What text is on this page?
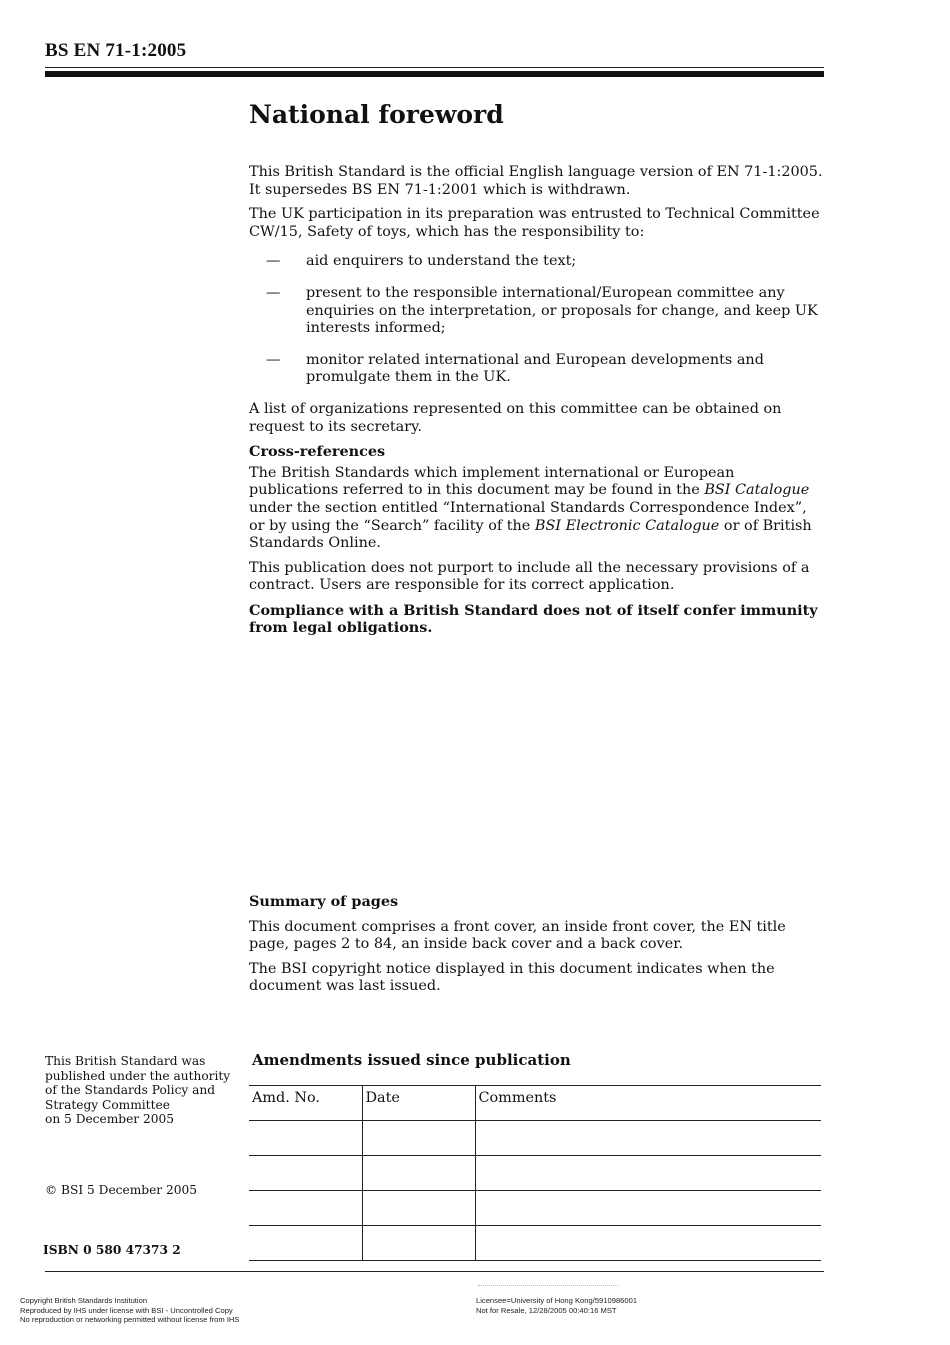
BS EN 71-1:2005
National foreword

This British Standard is the official English language version of EN 71-1:2005. It supersedes BS EN 71-1:2001 which is withdrawn.

The UK participation in its preparation was entrusted to Technical Committee CW/15, Safety of toys, which has the responsibility to:

— aid enquirers to understand the text;
— present to the responsible international/European committee any enquiries on the interpretation, or proposals for change, and keep UK interests informed;
— monitor related international and European developments and promulgate them in the UK.

A list of organizations represented on this committee can be obtained on request to its secretary.

Cross-references

The British Standards which implement international or European publications referred to in this document may be found in the BSI Catalogue under the section entitled “International Standards Correspondence Index”, or by using the “Search” facility of the BSI Electronic Catalogue or of British Standards Online.

This publication does not purport to include all the necessary provisions of a contract. Users are responsible for its correct application.

Compliance with a British Standard does not of itself confer immunity from legal obligations.

Summary of pages

This document comprises a front cover, an inside front cover, the EN title page, pages 2 to 84, an inside back cover and a back cover.

The BSI copyright notice displayed in this document indicates when the document was last issued.

This British Standard was
published under the authority
of the Standards Policy and
Strategy Committee
on 5 December 2005
© BSI 5 December 2005
ISBN 0 580 47373 2
Amendments issued since publication
Amd. No.	Date	Comments

Copyright British Standards Institution
Reproduced by IHS under license with BSI - Uncontrolled Copy
No reproduction or networking permitted without license from IHS
Licensee=University of Hong Kong/5910986001
Not for Resale, 12/28/2005 00:40:16 MST
